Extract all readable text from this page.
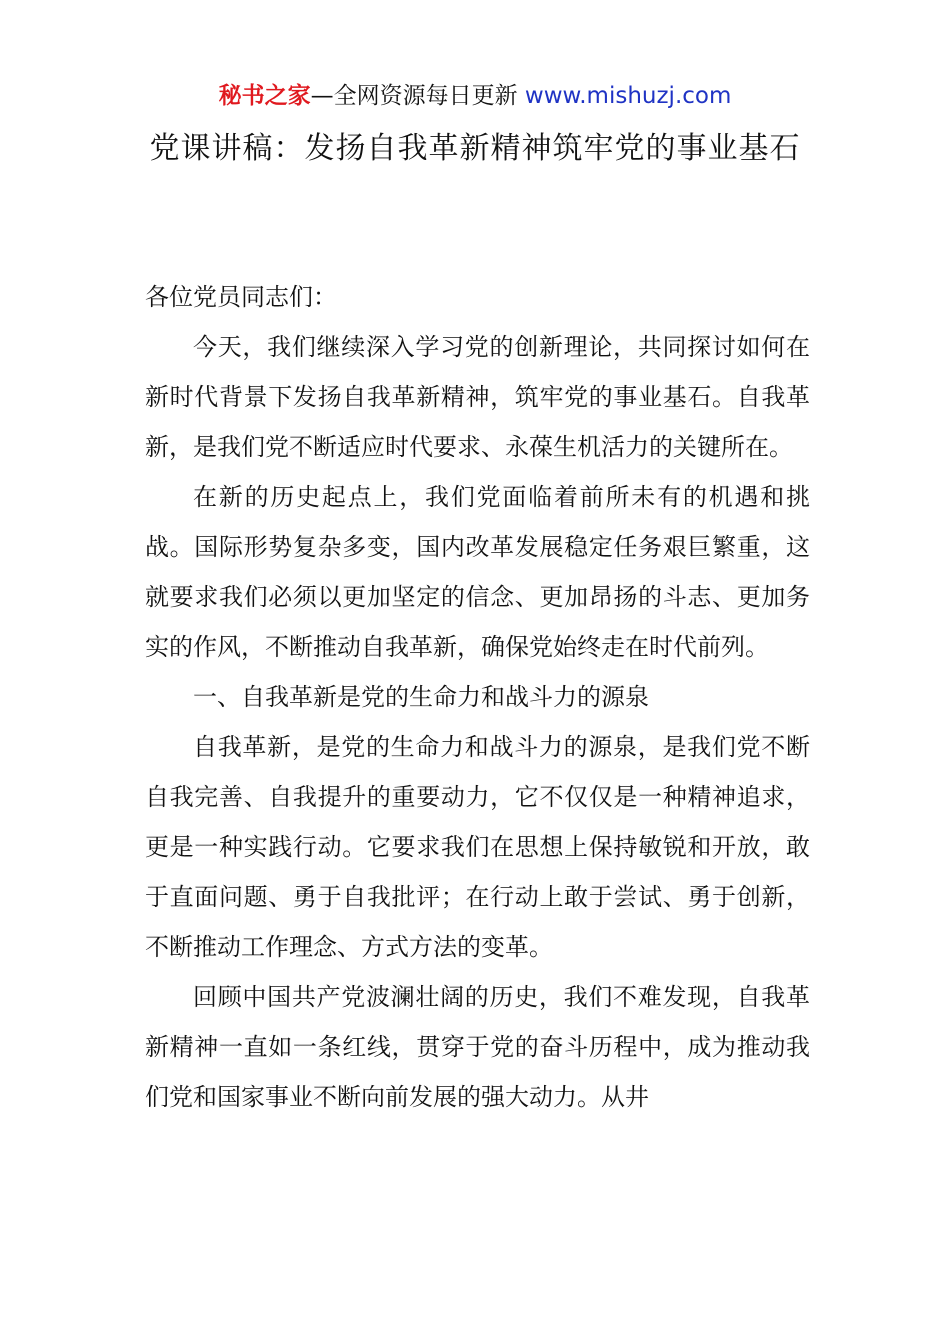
秘书之家—全网资源每日更新 www.mishuzj.com
党课讲稿：发扬自我革新精神筑牢党的事业基石

各位党员同志们：

今天，我们继续深入学习党的创新理论，共同探讨如何在新时代背景下发扬自我革新精神，筑牢党的事业基石。自我革新，是我们党不断适应时代要求、永葆生机活力的关键所在。

在新的历史起点上，我们党面临着前所未有的机遇和挑战。国际形势复杂多变，国内改革发展稳定任务艰巨繁重，这就要求我们必须以更加坚定的信念、更加昂扬的斗志、更加务实的作风，不断推动自我革新，确保党始终走在时代前列。

一、自我革新是党的生命力和战斗力的源泉

自我革新，是党的生命力和战斗力的源泉，是我们党不断自我完善、自我提升的重要动力，它不仅仅是一种精神追求，更是一种实践行动。它要求我们在思想上保持敏锐和开放，敢于直面问题、勇于自我批评；在行动上敢于尝试、勇于创新，不断推动工作理念、方式方法的变革。

回顾中国共产党波澜壮阔的历史，我们不难发现，自我革新精神一直如一条红线，贯穿于党的奋斗历程中，成为推动我们党和国家事业不断向前发展的强大动力。从井
